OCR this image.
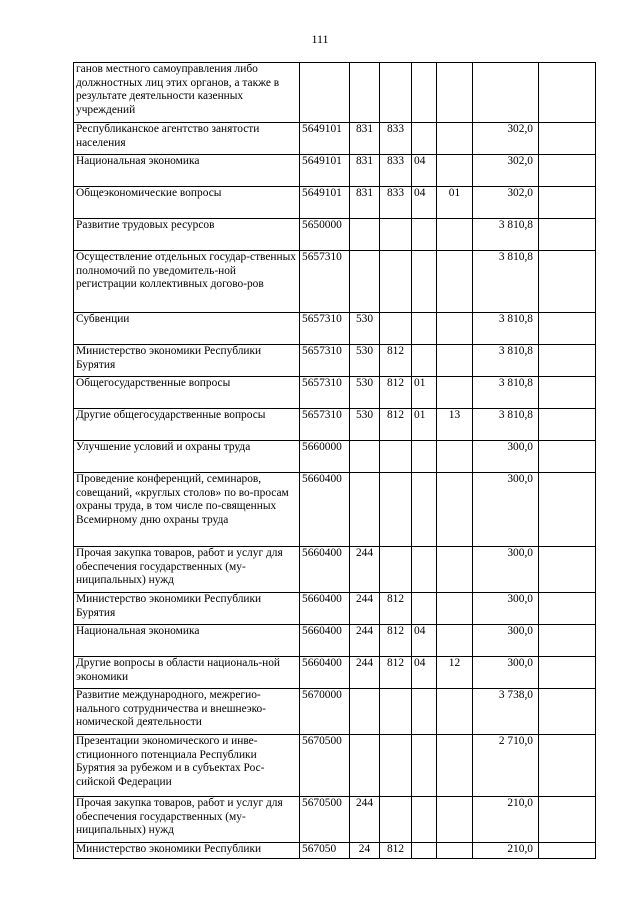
111
ганов местного самоуправления либо должностных лиц этих органов, а также в результате деятельности казенных учреждений							
Республиканское агентство занятости населения	5649101	831	833			302,0	
Национальная экономика	5649101	831	833	04		302,0	
Общеэкономические вопросы	5649101	831	833	04	01	302,0	
Развитие трудовых ресурсов	5650000					3 810,8	
Осуществление отдельных государ-ственных полномочий по уведомитель-ной регистрации коллективных догово-ров	5657310					3 810,8	
Субвенции	5657310	530				3 810,8	
Министерство экономики Республики Бурятия	5657310	530	812			3 810,8	
Общегосударственные вопросы	5657310	530	812	01		3 810,8	
Другие общегосударственные вопросы	5657310	530	812	01	13	3 810,8	
Улучшение условий и охраны труда	5660000					300,0	
Проведение конференций, семинаров, совещаний, «круглых столов» по во-просам охраны труда, в том числе по-священных Всемирному дню охраны труда	5660400					300,0	
Прочая закупка товаров, работ и услуг для обеспечения государственных (му-ниципальных) нужд	5660400	244				300,0	
Министерство экономики Республики Бурятия	5660400	244	812			300,0	
Национальная экономика	5660400	244	812	04		300,0	
Другие вопросы в области националь-ной экономики	5660400	244	812	04	12	300,0	
Развитие международного, межрегио-нального сотрудничества и внешнеэко-номической деятельности	5670000					3 738,0	
Презентации экономического и инве-стиционного потенциала Республики Бурятия за рубежом и в субъектах Рос-сийской Федерации	5670500					2 710,0	
Прочая закупка товаров, работ и услуг для обеспечения государственных (му-ниципальных) нужд	5670500	244				210,0	
Министерство экономики Республики	567050	24	812			210,0	
